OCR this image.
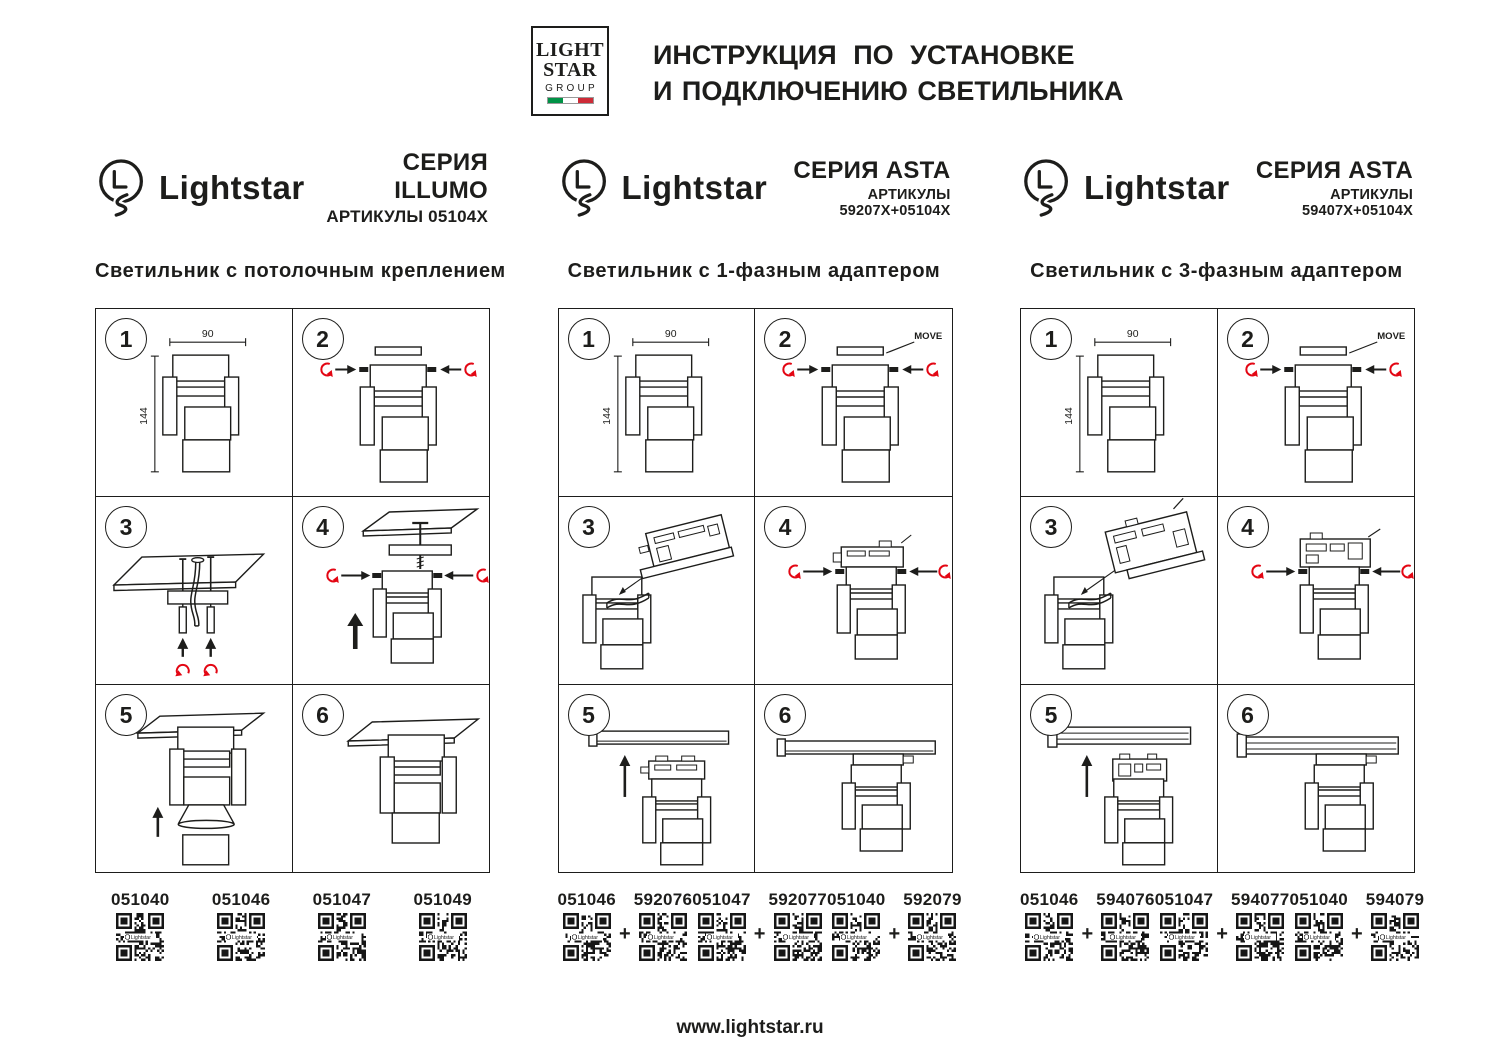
LIGHT
STAR
GROUP
ИНСТРУКЦИЯ ПО УСТАНОВКЕ
И ПОДКЛЮЧЕНИЮ СВЕТИЛЬНИКА
Lightstar
СЕРИЯ ILLUMO
АРТИКУЛЫ 05104X
Светильник с потолочным креплением
1	90
144
2
3	4
5	6
051040
Lightstar
051046
Lightstar
051047
Lightstar
051049
Lightstar
Lightstar	СЕРИЯ ASTA
АРТИКУЛЫ 59207X+05104X
Светильник с 1-фазным адаптером
1	90
144
2	MOVE
3	4
5	6
051046
Lightstar +
592076
Lightstar
051047
Lightstar +
592077
Lightstar
051040
Lightstar +
592079
Lightstar
Lightstar	СЕРИЯ ASTA
АРТИКУЛЫ 59407X+05104X
Светильник с 3-фазным адаптером
1	90
144
2	MOVE
3	4
5	6
051046
Lightstar +
594076
Lightstar
051047
Lightstar +
594077
Lightstar
051040
Lightstar +
594079
Lightstar
www.lightstar.ru
